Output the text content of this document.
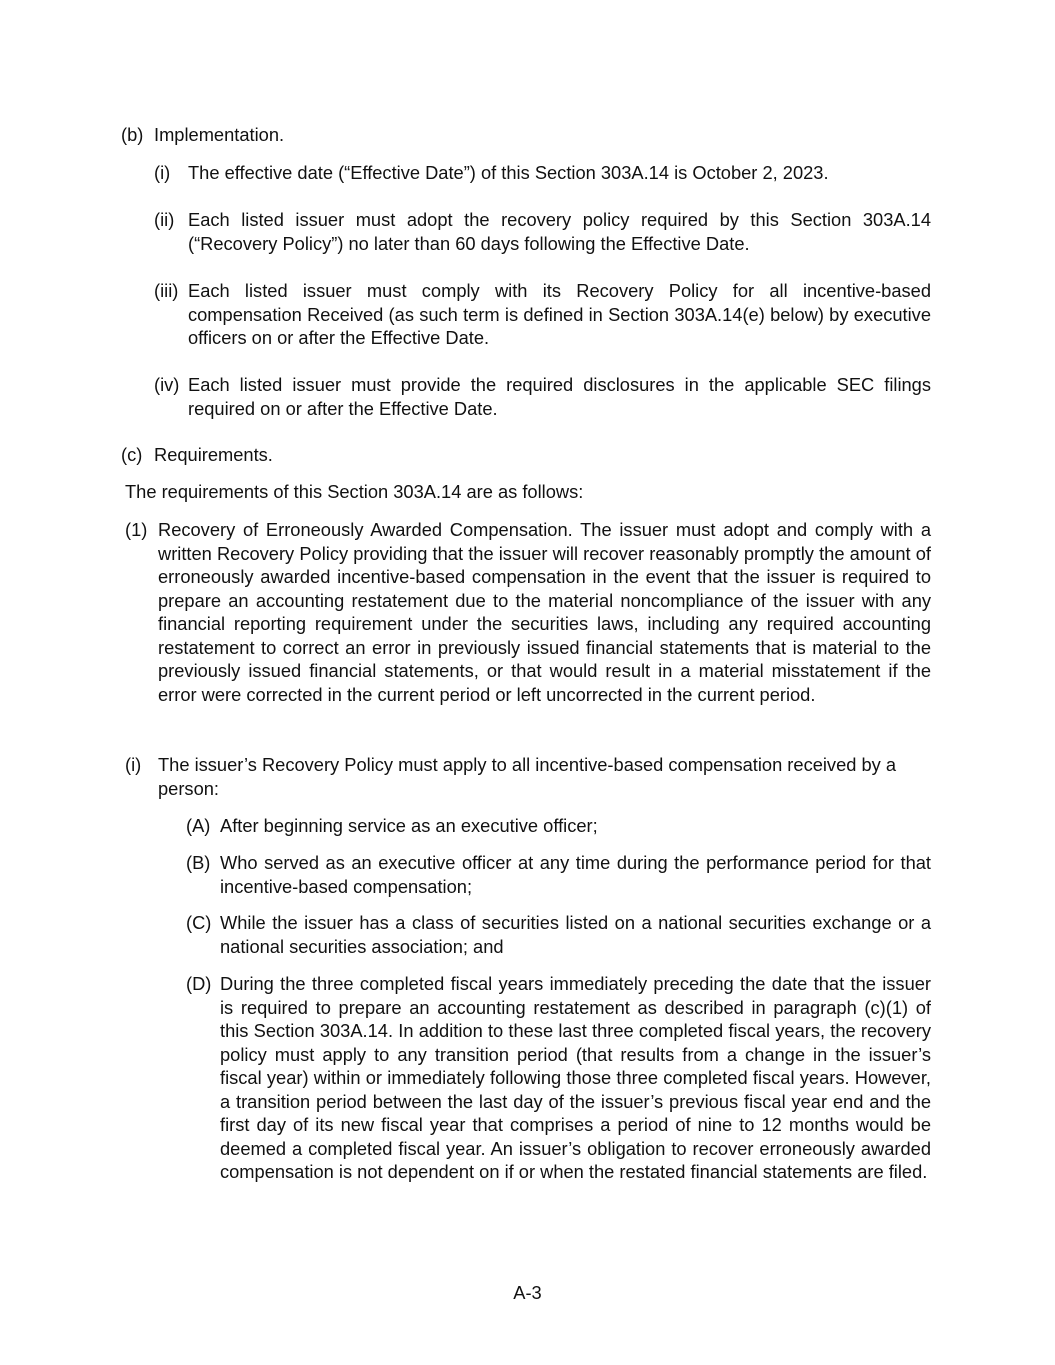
(b) Implementation.
(i) The effective date (“Effective Date”) of this Section 303A.14 is October 2, 2023.
(ii) Each listed issuer must adopt the recovery policy required by this Section 303A.14 (“Recovery Policy”) no later than 60 days following the Effective Date.
(iii) Each listed issuer must comply with its Recovery Policy for all incentive-based compensation Received (as such term is defined in Section 303A.14(e) below) by executive officers on or after the Effective Date.
(iv) Each listed issuer must provide the required disclosures in the applicable SEC filings required on or after the Effective Date.
(c) Requirements.
The requirements of this Section 303A.14 are as follows:
(1) Recovery of Erroneously Awarded Compensation. The issuer must adopt and comply with a written Recovery Policy providing that the issuer will recover reasonably promptly the amount of erroneously awarded incentive-based compensation in the event that the issuer is required to prepare an accounting restatement due to the material noncompliance of the issuer with any financial reporting requirement under the securities laws, including any required accounting restatement to correct an error in previously issued financial statements that is material to the previously issued financial statements, or that would result in a material misstatement if the error were corrected in the current period or left uncorrected in the current period.
(i) The issuer’s Recovery Policy must apply to all incentive-based compensation received by a person:
(A) After beginning service as an executive officer;
(B) Who served as an executive officer at any time during the performance period for that incentive-based compensation;
(C) While the issuer has a class of securities listed on a national securities exchange or a national securities association; and
(D) During the three completed fiscal years immediately preceding the date that the issuer is required to prepare an accounting restatement as described in paragraph (c)(1) of this Section 303A.14. In addition to these last three completed fiscal years, the recovery policy must apply to any transition period (that results from a change in the issuer’s fiscal year) within or immediately following those three completed fiscal years. However, a transition period between the last day of the issuer’s previous fiscal year end and the first day of its new fiscal year that comprises a period of nine to 12 months would be deemed a completed fiscal year. An issuer’s obligation to recover erroneously awarded compensation is not dependent on if or when the restated financial statements are filed.
A-3
